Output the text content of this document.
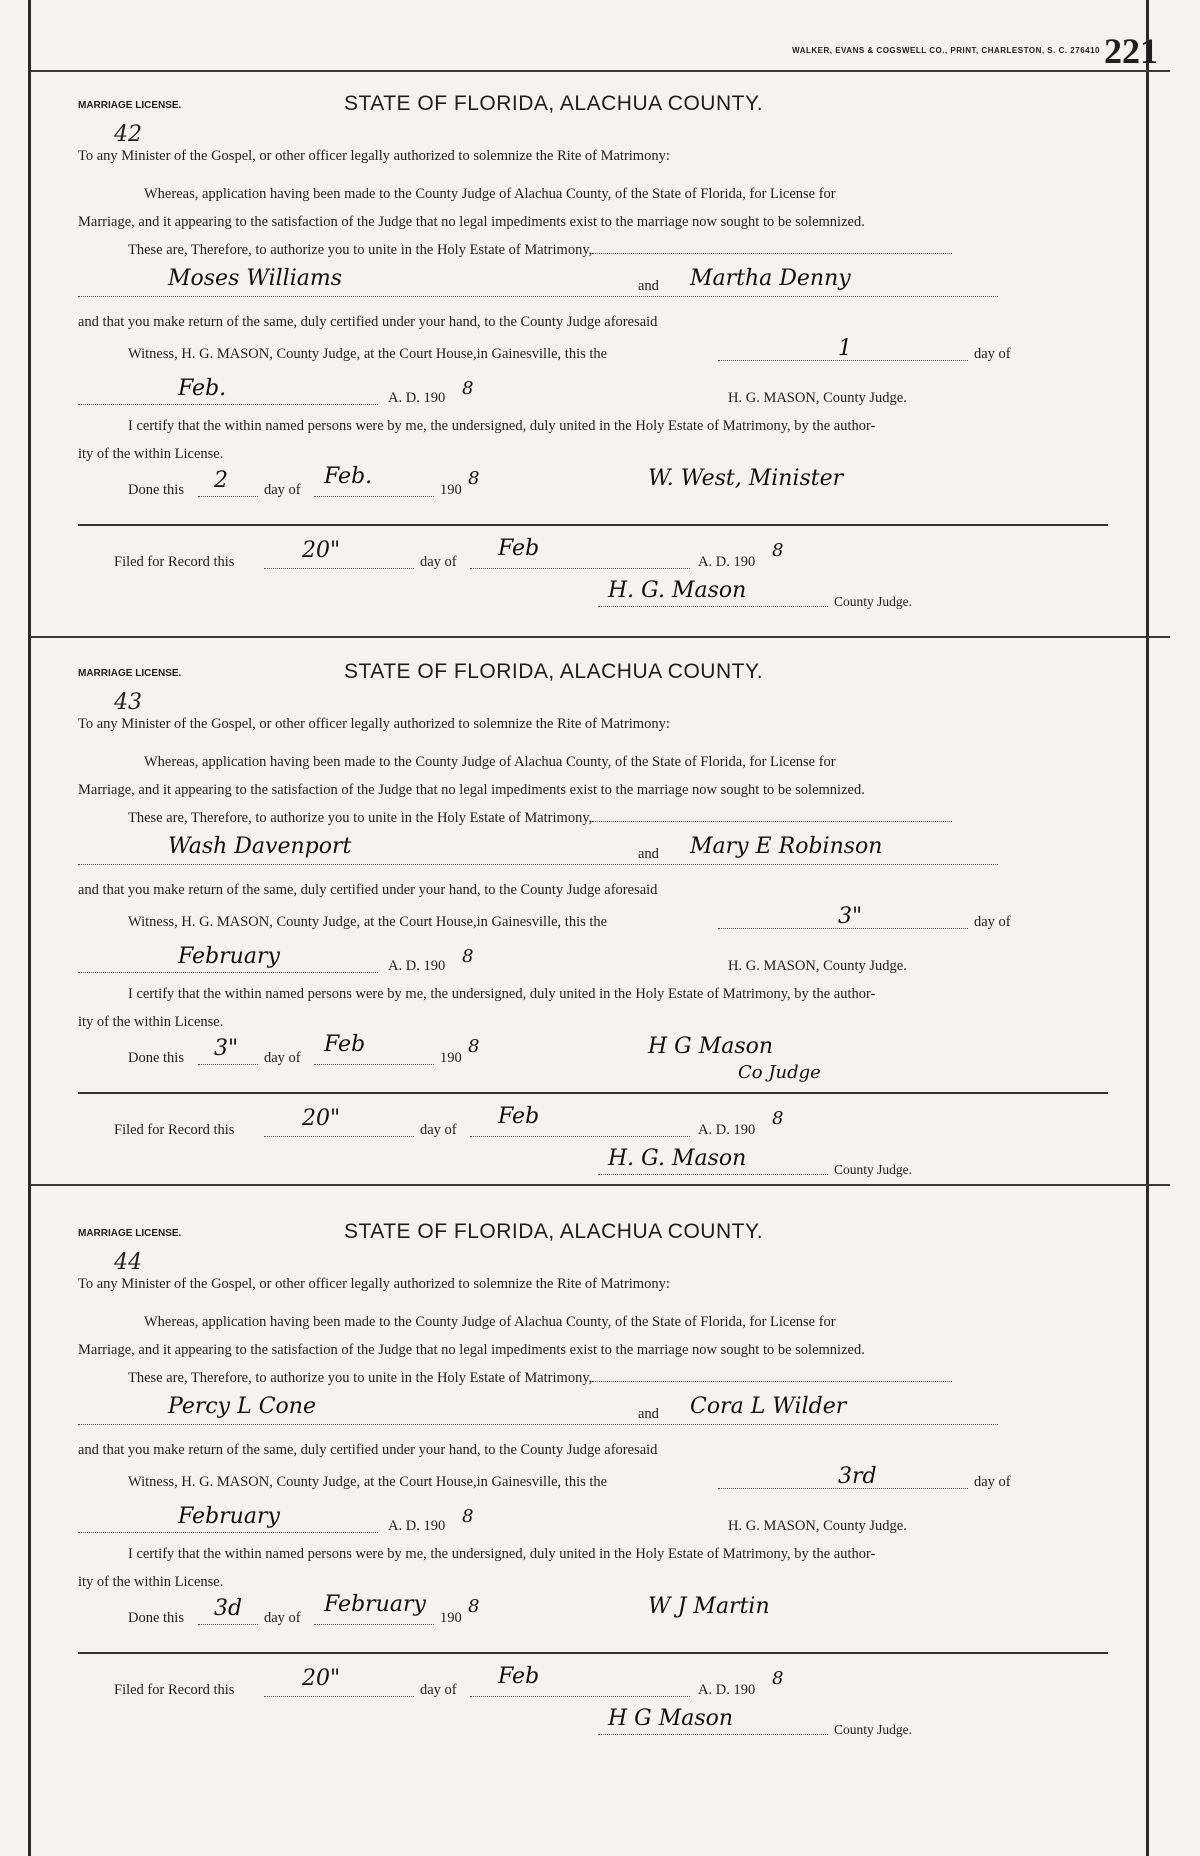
WALKER, EVANS & COGSWELL CO., PRINT, CHARLESTON, S. C. 276410 221
MARRIAGE LICENSE.	STATE OF FLORIDA, ALACHUA COUNTY.
42
To any Minister of the Gospel, or other officer legally authorized to solemnize the Rite of Matrimony:
Whereas, application having been made to the County Judge of Alachua County, of the State of Florida, for License for
Marriage, and it appearing to the satisfaction of the Judge that no legal impediments exist to the marriage now sought to be solemnized.
These are, Therefore, to authorize you to unite in the Holy Estate of Matrimony,
Moses Williams	and Martha Denny
and that you make return of the same, duly certified under your hand, to the County Judge aforesaid
Witness, H. G. MASON, County Judge, at the Court House,in Gainesville, this the	1	day of
Feb.	A. D. 190 8	H. G. MASON, County Judge.
I certify that the within named persons were by me, the undersigned, duly united in the Holy Estate of Matrimony, by the author-
ity of the within License.
Done this 2 day of
Feb.
190
8	W. West, Minister
Filed for Record this	20"	day of
Feb
A. D. 190
8
H. G. Mason	County Judge.
MARRIAGE LICENSE.	STATE OF FLORIDA, ALACHUA COUNTY.
43
To any Minister of the Gospel, or other officer legally authorized to solemnize the Rite of Matrimony:
Whereas, application having been made to the County Judge of Alachua County, of the State of Florida, for License for
Marriage, and it appearing to the satisfaction of the Judge that no legal impediments exist to the marriage now sought to be solemnized.
These are, Therefore, to authorize you to unite in the Holy Estate of Matrimony,
Wash Davenport	and Mary E Robinson
and that you make return of the same, duly certified under your hand, to the County Judge aforesaid
Witness, H. G. MASON, County Judge, at the Court House,in Gainesville, this the	3"	day of
February	A. D. 190 8	H. G. MASON, County Judge.
I certify that the within named persons were by me, the undersigned, duly united in the Holy Estate of Matrimony, by the author-
ity of the within License.
Done this 3" day of
Feb
190
8	H G Mason
Co Judge
Filed for Record this	20"	day of
Feb
A. D. 190
8
H. G. Mason	County Judge.
MARRIAGE LICENSE.	STATE OF FLORIDA, ALACHUA COUNTY.
44
To any Minister of the Gospel, or other officer legally authorized to solemnize the Rite of Matrimony:
Whereas, application having been made to the County Judge of Alachua County, of the State of Florida, for License for
Marriage, and it appearing to the satisfaction of the Judge that no legal impediments exist to the marriage now sought to be solemnized.
These are, Therefore, to authorize you to unite in the Holy Estate of Matrimony,
Percy L Cone	and Cora L Wilder
and that you make return of the same, duly certified under your hand, to the County Judge aforesaid
Witness, H. G. MASON, County Judge, at the Court House,in Gainesville, this the	3rd	day of
February	A. D. 190 8	H. G. MASON, County Judge.
I certify that the within named persons were by me, the undersigned, duly united in the Holy Estate of Matrimony, by the author-
ity of the within License.
Done this 3d day of
February
190
8	W J Martin
Filed for Record this	20"	day of
Feb
A. D. 190
8
H G Mason	County Judge.
